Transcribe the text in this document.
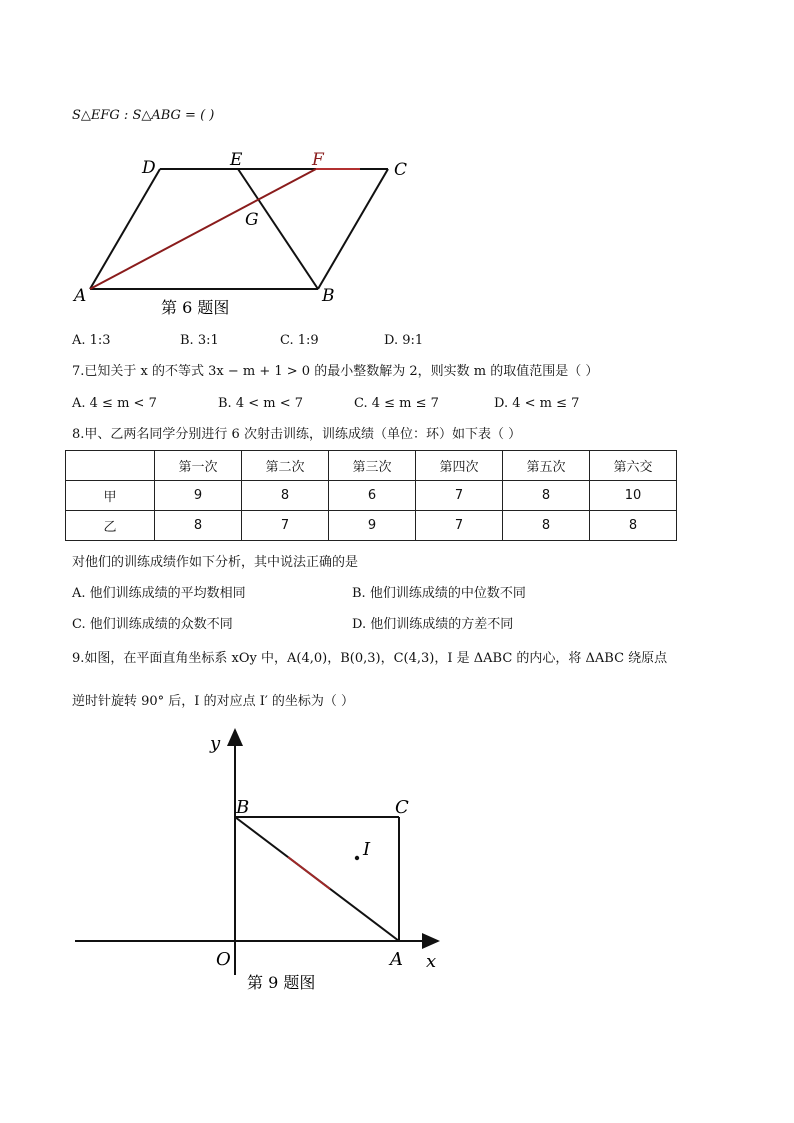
S△EFG : S△ABG = ( )
A	B
C
D	E	F
G
第 6 题图
A. 1:3	B. 3:1	C. 1:9	D. 9:1
7.已知关于 x 的不等式 3x − m + 1 > 0 的最小整数解为 2，则实数 m 的取值范围是（ ）
A. 4 ≤ m < 7	B. 4 < m < 7	C. 4 ≤ m ≤ 7	D. 4 < m ≤ 7
8.甲、乙两名同学分别进行 6 次射击训练，训练成绩（单位：环）如下表（ ）
	第一次	第二次	第三次	第四次	第五次	第六交
甲	9	8	6	7	8	10
乙	8	7	9	7	8	8
对他们的训练成绩作如下分析，其中说法正确的是
A. 他们训练成绩的平均数相同	B. 他们训练成绩的中位数不同
C. 他们训练成绩的众数不同	D. 他们训练成绩的方差不同
9.如图，在平面直角坐标系 xOy 中，A(4,0)，B(0,3)，C(4,3)，I 是 ΔABC 的内心，将 ΔABC 绕原点
逆时针旋转 90° 后，I 的对应点 I′ 的坐标为（ ）
y
x
O	A
B	C
I
第 9 题图
